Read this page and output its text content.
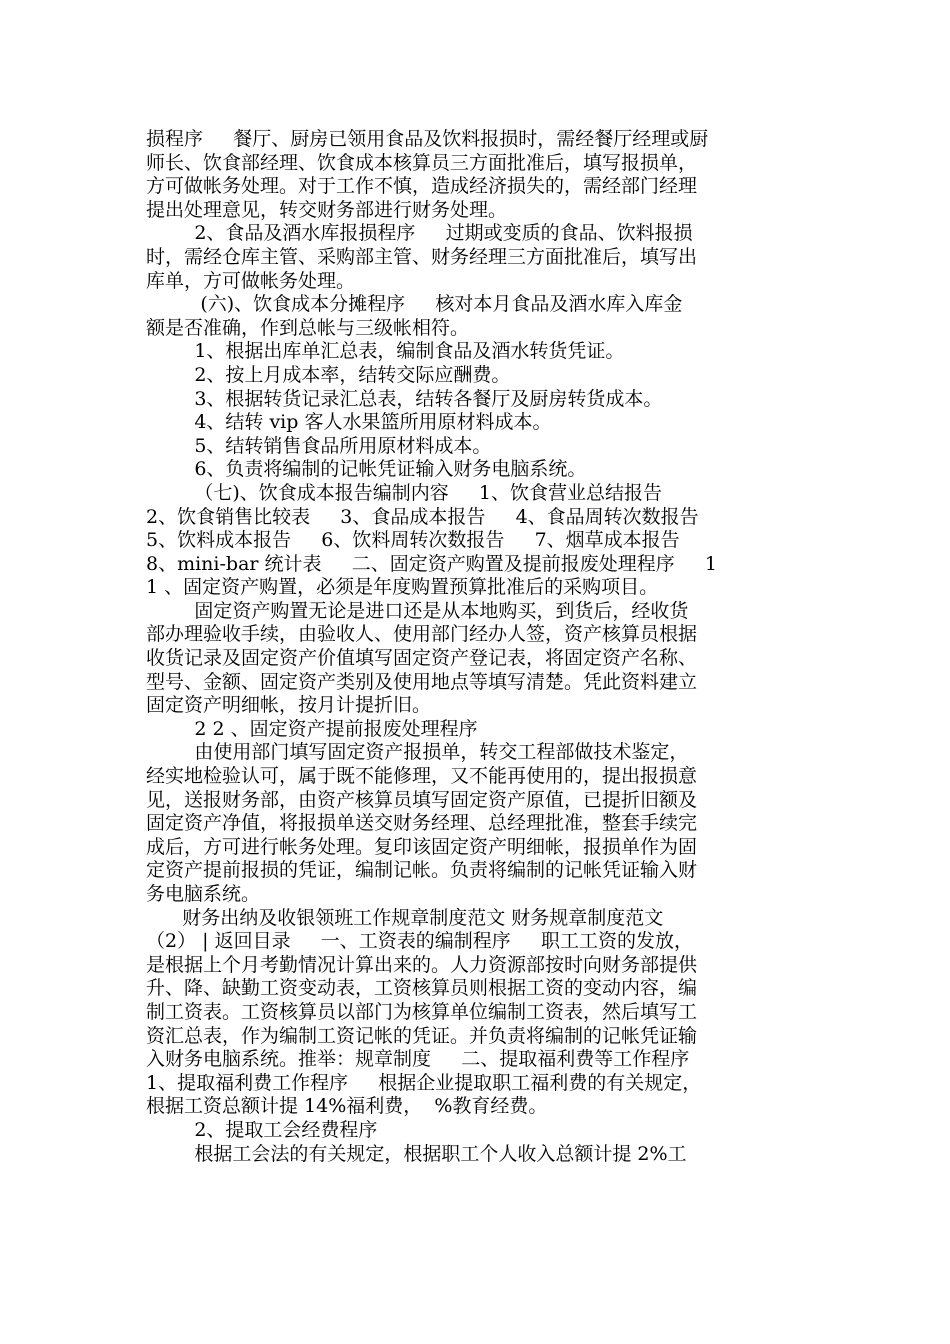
损程序     餐厅、厨房已领用食品及饮料报损时，需经餐厅经理或厨
师长、饮食部经理、饮食成本核算员三方面批准后，填写报损单，
方可做帐务处理。对于工作不慎，造成经济损失的，需经部门经理
提出处理意见，转交财务部进行财务处理。
2、食品及酒水库报损程序     过期或变质的食品、饮料报损
时，需经仓库主管、采购部主管、财务经理三方面批准后，填写出
库单，方可做帐务处理。
(六)、饮食成本分摊程序     核对本月食品及酒水库入库金
额是否准确，作到总帐与三级帐相符。
1、根据出库单汇总表，编制食品及酒水转货凭证。
2、按上月成本率，结转交际应酬费。
3、根据转货记录汇总表，结转各餐厅及厨房转货成本。
4、结转 vip 客人水果篮所用原材料成本。
5、结转销售食品所用原材料成本。
6、负责将编制的记帐凭证输入财务电脑系统。
（七)、饮食成本报告编制内容     1、饮食营业总结报告
2、饮食销售比较表     3、食品成本报告     4、食品周转次数报告
5、饮料成本报告     6、饮料周转次数报告     7、烟草成本报告
8、mini-bar 统计表     二、固定资产购置及提前报废处理程序     1
1 、固定资产购置，必须是年度购置预算批准后的采购项目。
固定资产购置无论是进口还是从本地购买，到货后，经收货
部办理验收手续，由验收人、使用部门经办人签，资产核算员根据
收货记录及固定资产价值填写固定资产登记表，将固定资产名称、
型号、金额、固定资产类别及使用地点等填写清楚。凭此资料建立
固定资产明细帐，按月计提折旧。
2 2 、固定资产提前报废处理程序
由使用部门填写固定资产报损单，转交工程部做技术鉴定，
经实地检验认可，属于既不能修理，又不能再使用的，提出报损意
见，送报财务部，由资产核算员填写固定资产原值，已提折旧额及
固定资产净值，将报损单送交财务经理、总经理批准，整套手续完
成后，方可进行帐务处理。复印该固定资产明细帐，报损单作为固
定资产提前报损的凭证，编制记帐。负责将编制的记帐凭证输入财
务电脑系统。
财务出纳及收银领班工作规章制度范文 财务规章制度范文
（2） | 返回目录     一、工资表的编制程序     职工工资的发放，
是根据上个月考勤情况计算出来的。人力资源部按时向财务部提供
升、降、缺勤工资变动表，工资核算员则根据工资的变动内容，编
制工资表。工资核算员以部门为核算单位编制工资表，然后填写工
资汇总表，作为编制工资记帐的凭证。并负责将编制的记帐凭证输
入财务电脑系统。推举：规章制度     二、提取福利费等工作程序
1、提取福利费工作程序     根据企业提取职工福利费的有关规定，
根据工资总额计提 14%福利费，  %教育经费。
2、提取工会经费程序
根据工会法的有关规定，根据职工个人收入总额计提 2%工
